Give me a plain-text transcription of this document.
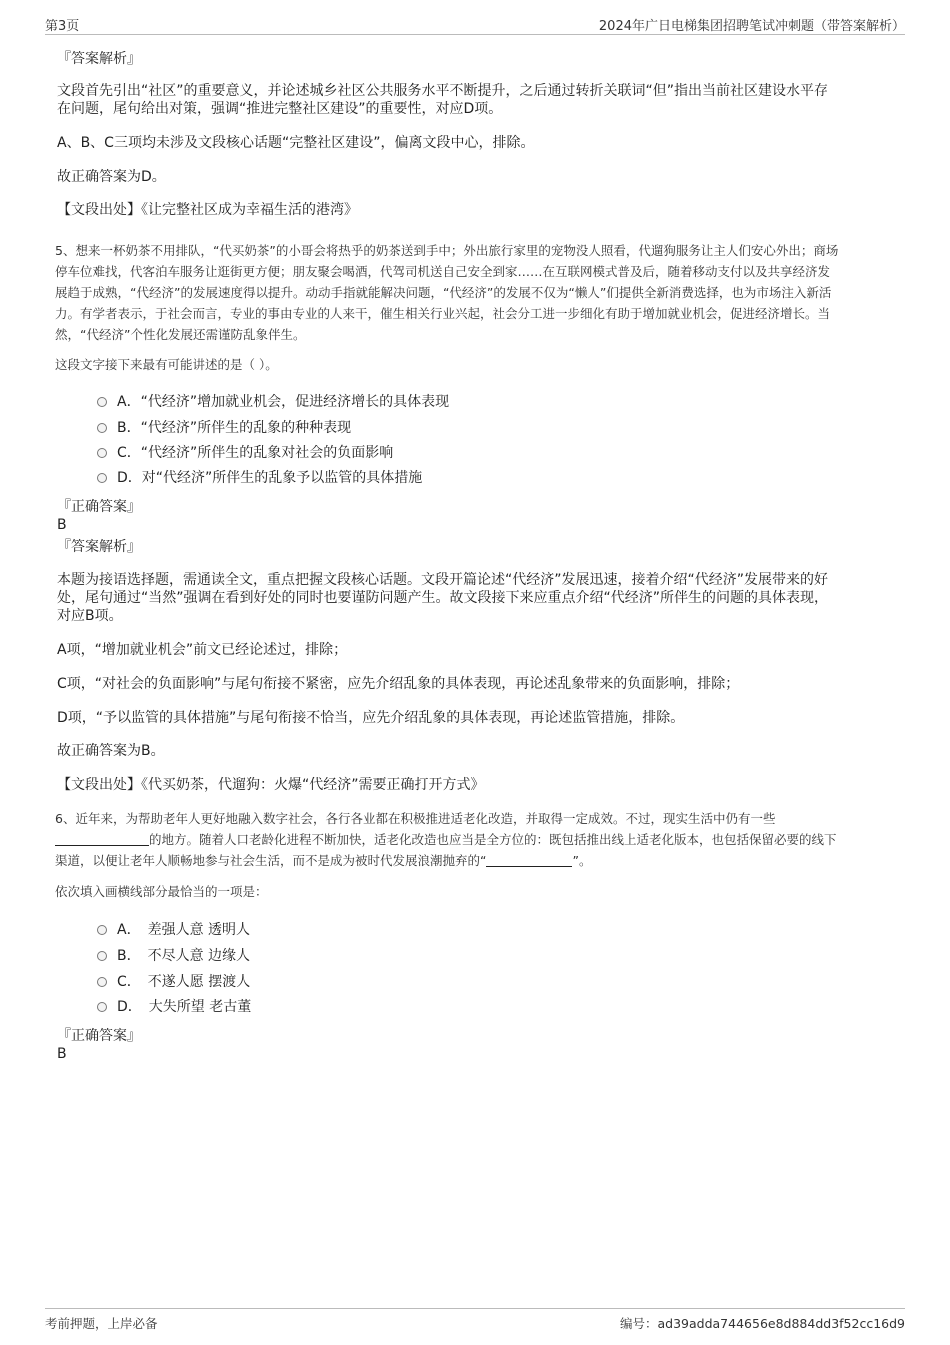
第3页	2024年广日电梯集团招聘笔试冲刺题（带答案解析）
『答案解析』
文段首先引出“社区”的重要意义，并论述城乡社区公共服务水平不断提升，之后通过转折关联词“但”指出当前社区建设水平存
在问题，尾句给出对策，强调“推进完整社区建设”的重要性，对应D项。
A、B、C三项均未涉及文段核心话题“完整社区建设”，偏离文段中心，排除。
故正确答案为D。
【文段出处】《让完整社区成为幸福生活的港湾》
5、想来一杯奶茶不用排队，“代买奶茶”的小哥会将热乎的奶茶送到手中；外出旅行家里的宠物没人照看，代遛狗服务让主人们安心外出；商场
停车位难找，代客泊车服务让逛街更方便；朋友聚会喝酒，代驾司机送自己安全到家……在互联网模式普及后，随着移动支付以及共享经济发
展趋于成熟，“代经济”的发展速度得以提升。动动手指就能解决问题，“代经济”的发展不仅为“懒人”们提供全新消费选择，也为市场注入新活
力。有学者表示，于社会而言，专业的事由专业的人来干，催生相关行业兴起，社会分工进一步细化有助于增加就业机会，促进经济增长。当
然，“代经济”个性化发展还需谨防乱象伴生。
这段文字接下来最有可能讲述的是（ ）。
A．“代经济”增加就业机会，促进经济增长的具体表现
B．“代经济”所伴生的乱象的种种表现
C．“代经济”所伴生的乱象对社会的负面影响
D．对“代经济”所伴生的乱象予以监管的具体措施
『正确答案』
B
『答案解析』
本题为接语选择题，需通读全文，重点把握文段核心话题。文段开篇论述“代经济”发展迅速，接着介绍“代经济”发展带来的好
处，尾句通过“当然”强调在看到好处的同时也要谨防问题产生。故文段接下来应重点介绍“代经济”所伴生的问题的具体表现，
对应B项。
A项，“增加就业机会”前文已经论述过，排除；
C项，“对社会的负面影响”与尾句衔接不紧密，应先介绍乱象的具体表现，再论述乱象带来的负面影响，排除；
D项，“予以监管的具体措施”与尾句衔接不恰当，应先介绍乱象的具体表现，再论述监管措施，排除。
故正确答案为B。
【文段出处】《代买奶茶，代遛狗：火爆“代经济”需要正确打开方式》
6、近年来，为帮助老年人更好地融入数字社会，各行各业都在积极推进适老化改造，并取得一定成效。不过，现实生活中仍有一些
的地方。随着人口老龄化进程不断加快，适老化改造也应当是全方位的：既包括推出线上适老化版本，也包括保留必要的线下
渠道，以便让老年人顺畅地参与社会生活，而不是成为被时代发展浪潮抛弃的“	”。
依次填入画横线部分最恰当的一项是：
A．　差强人意 透明人
B．　不尽人意 边缘人
C．　不遂人愿 摆渡人
D．　大失所望 老古董
『正确答案』
B
考前押题，上岸必备	编号：ad39adda744656e8d884dd3f52cc16d9
